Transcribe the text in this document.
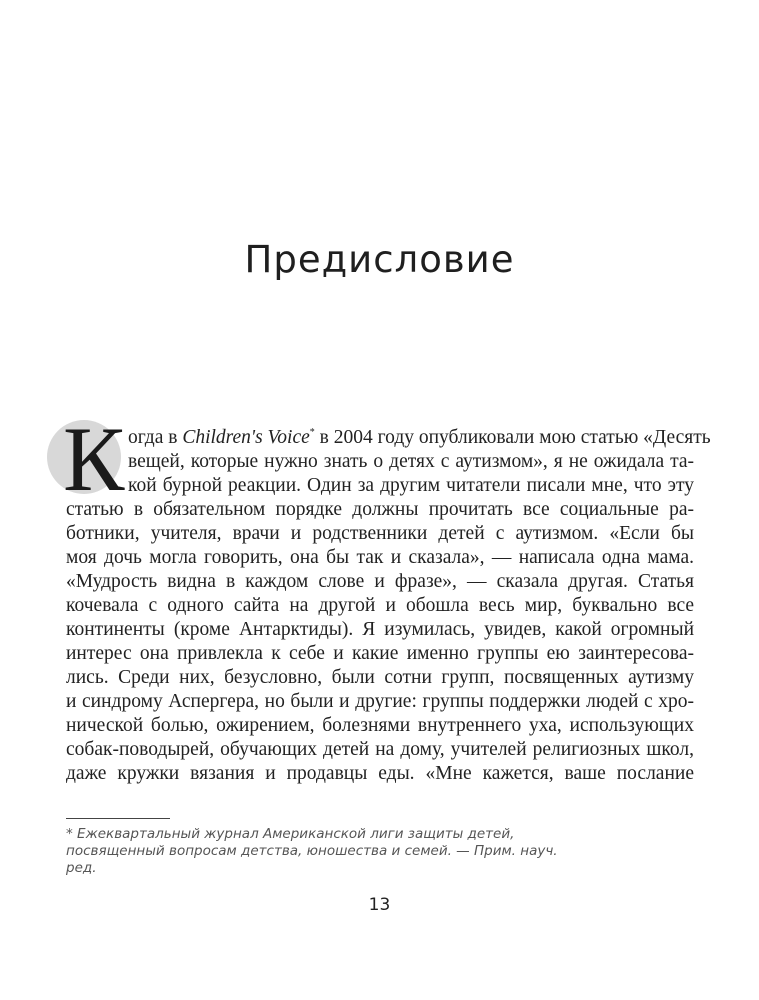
Предисловие
К огда в Children's Voice* в 2004 году опубликовали мою статью «Десять
вещей, которые нужно знать о детях с аутизмом», я не ожидала та-
кой бурной реакции. Один за другим читатели писали мне, что эту
статью в обязательном порядке должны прочитать все социальные ра-
ботники, учителя, врачи и родственники детей с аутизмом. «Если бы
моя дочь могла говорить, она бы так и сказала», — написала одна мама.
«Мудрость видна в каждом слове и фразе», — сказала другая. Статья
кочевала с одного сайта на другой и обошла весь мир, буквально все
континенты (кроме Антарктиды). Я изумилась, увидев, какой огромный
интерес она привлекла к себе и какие именно группы ею заинтересова-
лись. Среди них, безусловно, были сотни групп, посвященных аутизму
и синдрому Аспергера, но были и другие: группы поддержки людей с хро-
нической болью, ожирением, болезнями внутреннего уха, использующих
собак-поводырей, обучающих детей на дому, учителей религиозных школ,
даже кружки вязания и продавцы еды. «Мне кажется, ваше послание
* Ежеквартальный журнал Американской лиги защиты детей,
посвященный вопросам детства, юношества и семей. — Прим. науч.
ред.
13
